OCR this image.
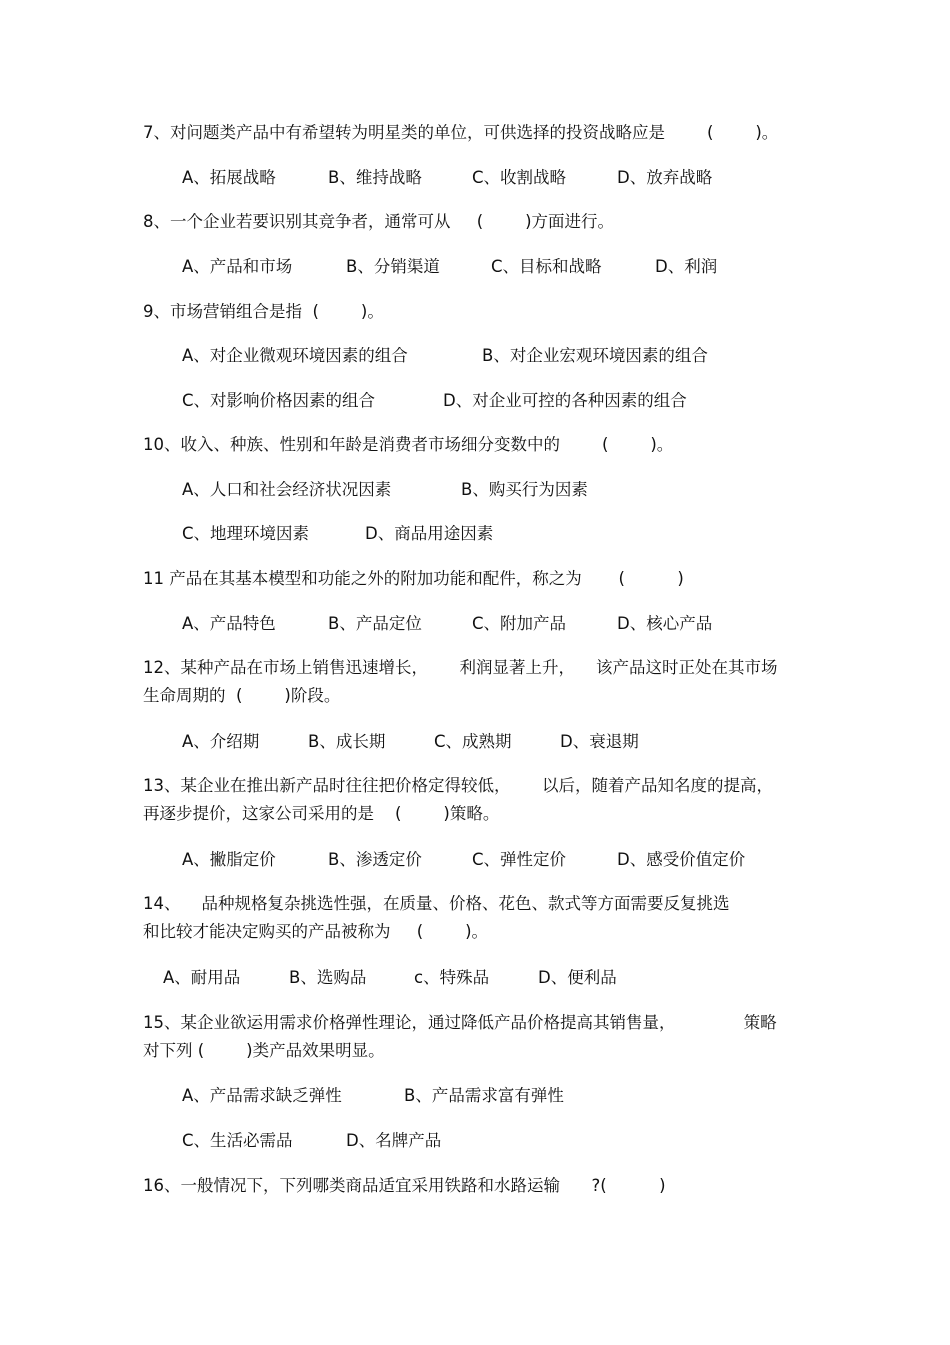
7、对问题类产品中有希望转为明星类的单位，可供选择的投资战略应是        (        )。
A、拓展战略	B、维持战略	C、收割战略	D、放弃战略
8、一个企业若要识别其竞争者，通常可从     (        )方面进行。
A、产品和市场	B、分销渠道	C、目标和战略	D、利润
9、市场营销组合是指  (        )。
A、对企业微观环境因素的组合	B、对企业宏观环境因素的组合
C、对影响价格因素的组合	D、对企业可控的各种因素的组合
10、收入、种族、性别和年龄是消费者市场细分变数中的        (        )。
A、人口和社会经济状况因素	B、购买行为因素
C、地理环境因素	D、商品用途因素
11 产品在其基本模型和功能之外的附加功能和配件，称之为       (          )
A、产品特色	B、产品定位	C、附加产品	D、核心产品
12、某种产品在市场上销售迅速增长，      利润显著上升，    该产品这时正处在其市场
生命周期的  (        )阶段。
A、介绍期	B、成长期	C、成熟期	D、衰退期
13、某企业在推出新产品时往往把价格定得较低，      以后，随着产品知名度的提高，
再逐步提价，这家公司采用的是    (        )策略。
A、撇脂定价	B、渗透定价	C、弹性定价	D、感受价值定价
14、    品种规格复杂挑选性强，在质量、价格、花色、款式等方面需要反复挑选
和比较才能决定购买的产品被称为     (        )。
A、耐用品	B、选购品	c、特殊品	D、便利品
15、某企业欲运用需求价格弹性理论，通过降低产品价格提高其销售量，             策略
对下列 (        )类产品效果明显。
A、产品需求缺乏弹性	B、产品需求富有弹性
C、生活必需品	D、名牌产品
16、一般情况下，下列哪类商品适宜采用铁路和水路运输      ?(          )
